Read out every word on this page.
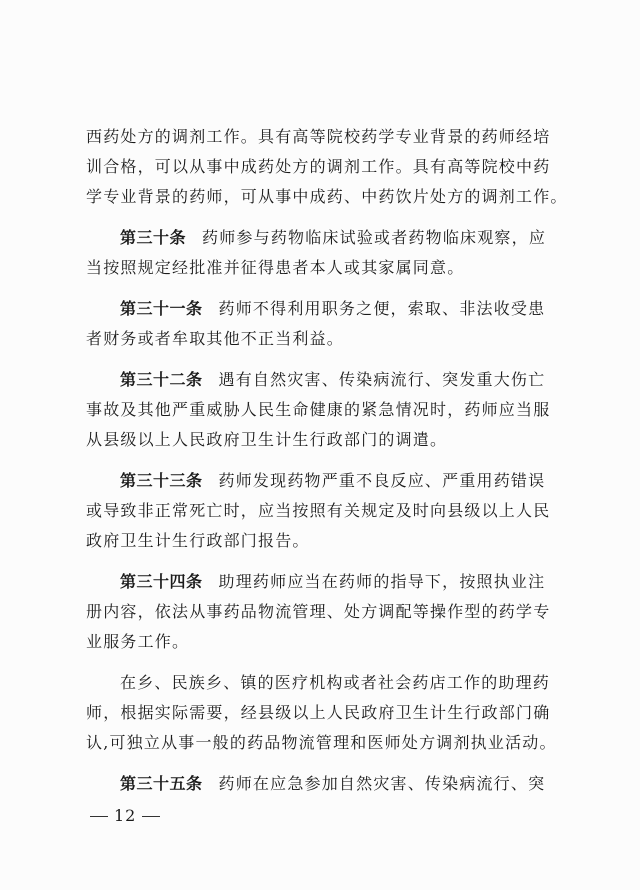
西药处方的调剂工作。具有高等院校药学专业背景的药师经培
训合格，可以从事中成药处方的调剂工作。具有高等院校中药
学专业背景的药师，可从事中成药、中药饮片处方的调剂工作。
第三十条 药师参与药物临床试验或者药物临床观察，应
当按照规定经批准并征得患者本人或其家属同意。
第三十一条 药师不得利用职务之便，索取、非法收受患
者财务或者牟取其他不正当利益。
第三十二条 遇有自然灾害、传染病流行、突发重大伤亡
事故及其他严重威胁人民生命健康的紧急情况时，药师应当服
从县级以上人民政府卫生计生行政部门的调遣。
第三十三条 药师发现药物严重不良反应、严重用药错误
或导致非正常死亡时，应当按照有关规定及时向县级以上人民
政府卫生计生行政部门报告。
第三十四条 助理药师应当在药师的指导下，按照执业注
册内容，依法从事药品物流管理、处方调配等操作型的药学专
业服务工作。
在乡、民族乡、镇的医疗机构或者社会药店工作的助理药
师，根据实际需要，经县级以上人民政府卫生计生行政部门确
认,可独立从事一般的药品物流管理和医师处方调剂执业活动。
第三十五条 药师在应急参加自然灾害、传染病流行、突
12
